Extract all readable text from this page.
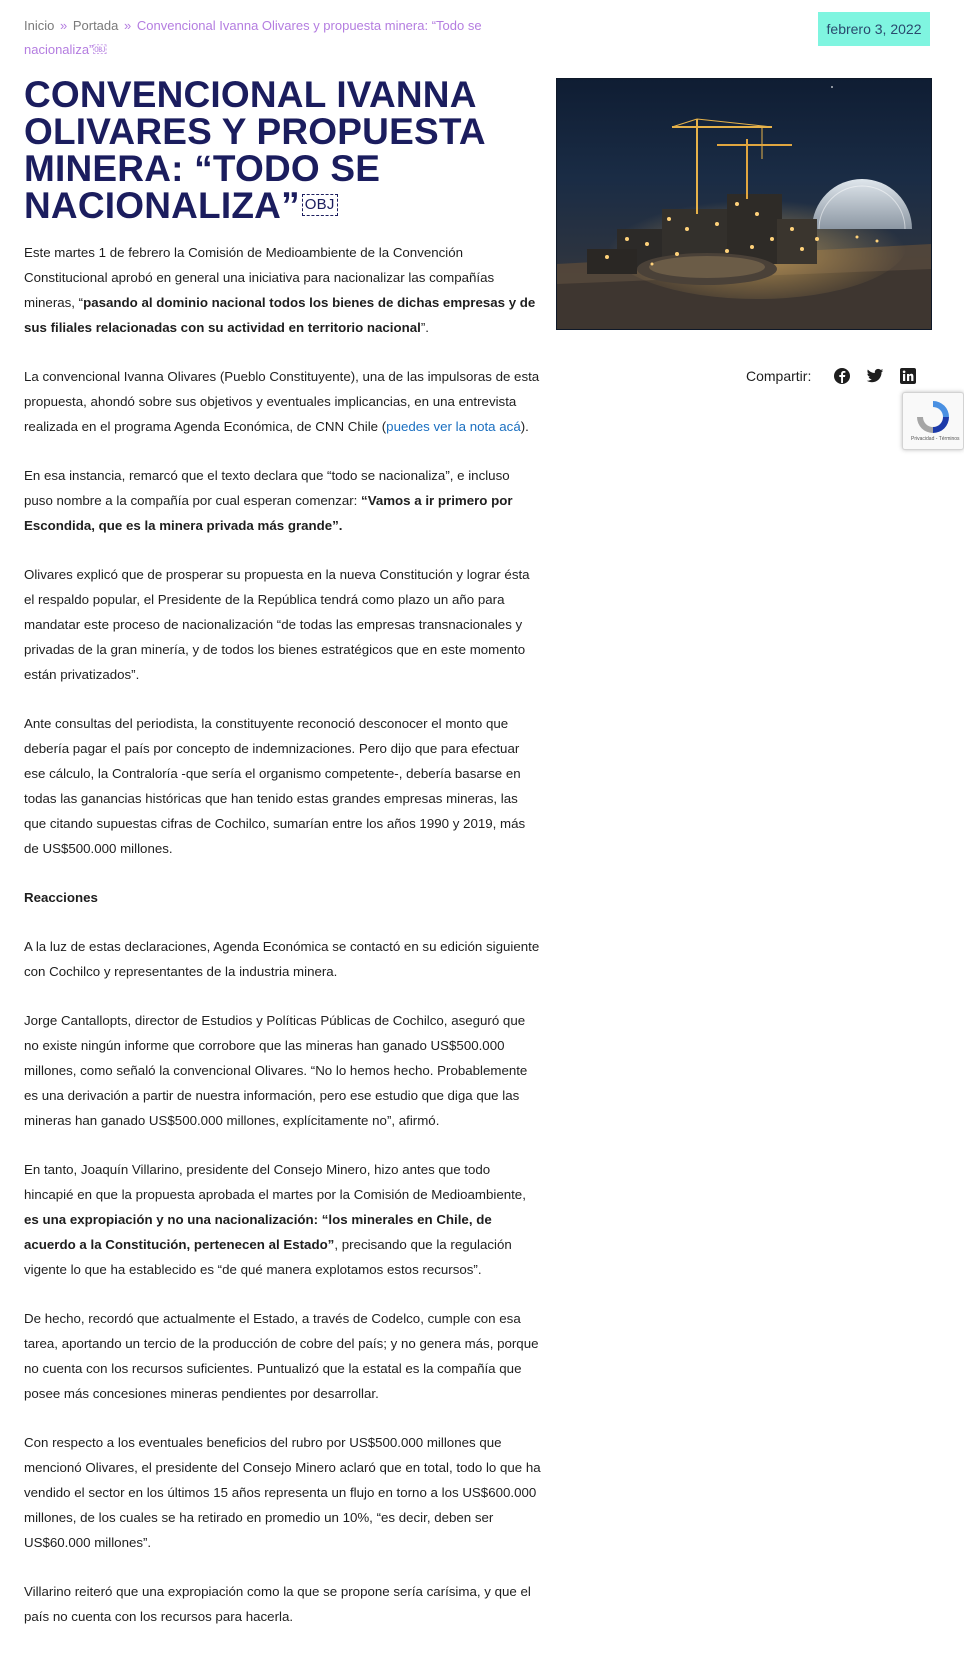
Inicio » Portada » Convencional Ivanna Olivares y propuesta minera: “Todo se nacionaliza”￼
febrero 3, 2022
CONVENCIONAL IVANNA OLIVARES Y PROPUESTA MINERA: “TODO SE NACIONALIZA” OBJ
Compartir:
Privacidad - Términos

Este martes 1 de febrero la Comisión de Medioambiente de la Convención Constitucional aprobó en general una iniciativa para nacionalizar las compañías mineras, “pasando al dominio nacional todos los bienes de dichas empresas y de sus filiales relacionadas con su actividad en territorio nacional”.

La convencional Ivanna Olivares (Pueblo Constituyente), una de las impulsoras de esta propuesta, ahondó sobre sus objetivos y eventuales implicancias, en una entrevista realizada en el programa Agenda Económica, de CNN Chile (puedes ver la nota acá).

En esa instancia, remarcó que el texto declara que “todo se nacionaliza”, e incluso puso nombre a la compañía por cual esperan comenzar: “Vamos a ir primero por Escondida, que es la minera privada más grande”.

Olivares explicó que de prosperar su propuesta en la nueva Constitución y lograr ésta el respaldo popular, el Presidente de la República tendrá como plazo un año para mandatar este proceso de nacionalización “de todas las empresas transnacionales y privadas de la gran minería, y de todos los bienes estratégicos que en este momento están privatizados”.

Ante consultas del periodista, la constituyente reconoció desconocer el monto que debería pagar el país por concepto de indemnizaciones. Pero dijo que para efectuar ese cálculo, la Contraloría -que sería el organismo competente-, debería basarse en todas las ganancias históricas que han tenido estas grandes empresas mineras, las que citando supuestas cifras de Cochilco, sumarían entre los años 1990 y 2019, más de US$500.000 millones.

Reacciones

A la luz de estas declaraciones, Agenda Económica se contactó en su edición siguiente con Cochilco y representantes de la industria minera.

Jorge Cantallopts, director de Estudios y Políticas Públicas de Cochilco, aseguró que no existe ningún informe que corrobore que las mineras han ganado US$500.000 millones, como señaló la convencional Olivares. “No lo hemos hecho. Probablemente es una derivación a partir de nuestra información, pero ese estudio que diga que las mineras han ganado US$500.000 millones, explícitamente no”, afirmó.

En tanto, Joaquín Villarino, presidente del Consejo Minero, hizo antes que todo hincapié en que la propuesta aprobada el martes por la Comisión de Medioambiente, es una expropiación y no una nacionalización: “los minerales en Chile, de acuerdo a la Constitución, pertenecen al Estado”, precisando que la regulación vigente lo que ha establecido es “de qué manera explotamos estos recursos”.

De hecho, recordó que actualmente el Estado, a través de Codelco, cumple con esa tarea, aportando un tercio de la producción de cobre del país; y no genera más, porque no cuenta con los recursos suficientes. Puntualizó que la estatal es la compañía que posee más concesiones mineras pendientes por desarrollar.

Con respecto a los eventuales beneficios del rubro por US$500.000 millones que mencionó Olivares, el presidente del Consejo Minero aclaró que en total, todo lo que ha vendido el sector en los últimos 15 años representa un flujo en torno a los US$600.000 millones, de los cuales se ha retirado en promedio un 10%, “es decir, deben ser US$60.000 millones”.

Villarino reiteró que una expropiación como la que se propone sería carísima, y que el país no cuenta con los recursos para hacerla.
